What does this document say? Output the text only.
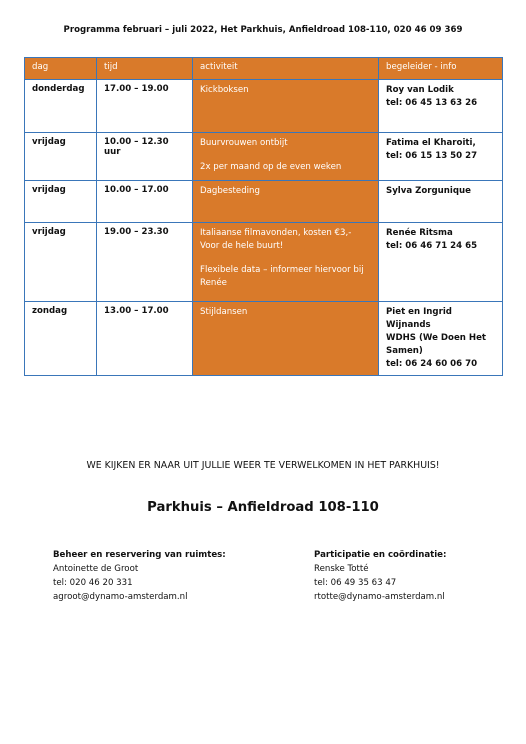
Programma februari – juli 2022, Het Parkhuis, Anfieldroad 108-110, 020 46 09 369
dag	tijd	activiteit	begeleider - info
donderdag	17.00 – 19.00	Kickboksen	Roy van Lodik
tel: 06 45 13 63 26

vrijdag	10.00 – 12.30 uur	Buurvrouwen ontbijt
2x per maand op de even weken	Fatima el Kharoiti,
tel: 06 15 13 50 27

vrijdag	10.00 – 17.00	Dagbesteding	Sylva Zorgunique

vrijdag	19.00 – 23.30	Italiaanse filmavonden, kosten €3,-
Voor de hele buurt!
Flexibele data – informeer hiervoor bij
Renée	Renée Ritsma
tel: 06 46 71 24 65

zondag	13.00 – 17.00	Stijldansen	Piet en Ingrid Wijnands
WDHS (We Doen Het
Samen)
tel: 06 24 60 06 70
WE KIJKEN ER NAAR UIT JULLIE WEER TE VERWELKOMEN IN HET PARKHUIS!
Parkhuis – Anfieldroad 108-110
Beheer en reservering van ruimtes:
Antoinette de Groot
tel: 020 46 20 331
agroot@dynamo-amsterdam.nl
Participatie en coördinatie:
Renske Totté
tel: 06 49 35 63 47
rtotte@dynamo-amsterdam.nl
